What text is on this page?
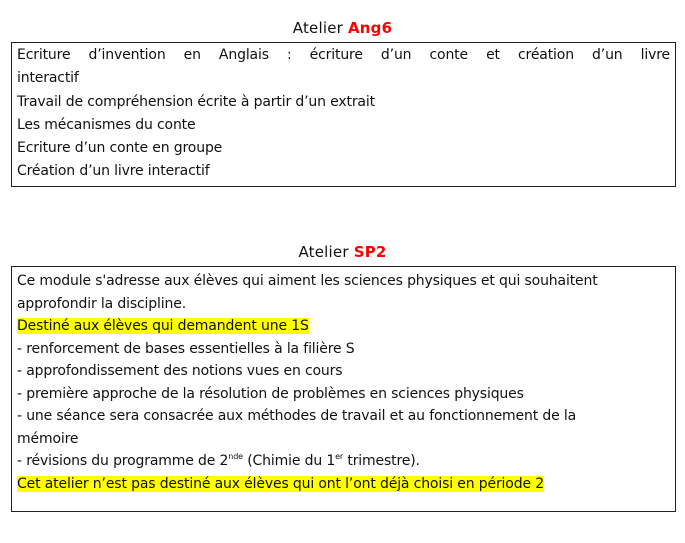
Atelier Ang6
Ecriture d’invention en Anglais : écriture d’un conte et création d’un livre
interactif
Travail de compréhension écrite à partir d’un extrait
Les mécanismes du conte
Ecriture d’un conte en groupe
Création d’un livre interactif
Atelier SP2
Ce module s'adresse aux élèves qui aiment les sciences physiques et qui souhaitent
approfondir la discipline.
Destiné aux élèves qui demandent une 1S
- renforcement de bases essentielles à la filière S
- approfondissement des notions vues en cours
- première approche de la résolution de problèmes en sciences physiques
- une séance sera consacrée aux méthodes de travail et au fonctionnement de la
mémoire
- révisions du programme de 2nde (Chimie du 1er trimestre).
Cet atelier n’est pas destiné aux élèves qui ont l’ont déjà choisi en période 2
